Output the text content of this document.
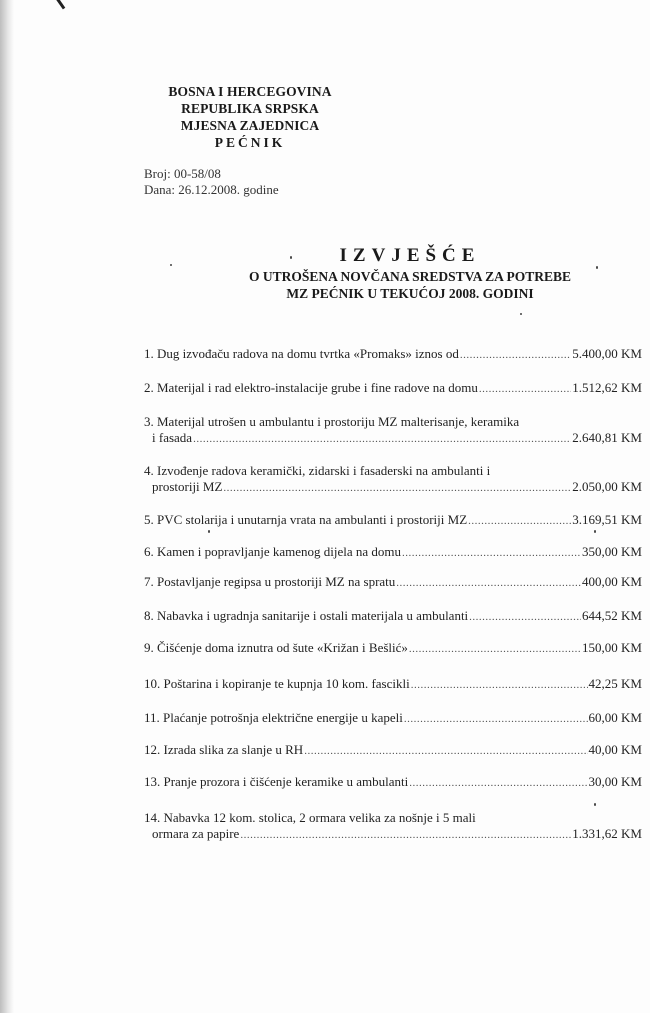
BOSNA I HERCEGOVINA
REPUBLIKA SRPSKA
MJESNA ZAJEDNICA
PEĆNIK
Broj: 00-58/08
Dana: 26.12.2008. godine
IZVJEŠĆE
O UTROŠENA NOVČANA SREDSTVA ZA POTREBE
MZ PEĆNIK U TEKUĆOJ 2008. GODINI
1.
Dug izvođaču radova na domu tvrtka «Promaks» iznos od .....	5.400,00 KM
2.
Materijal i rad elektro-instalacije grube i fine radove na domu .....	1.512,62 KM
3.
Materijal utrošen u ambulantu i prostoriju MZ malterisanje, keramika
i fasada .....	2.640,81 KM
4.
Izvođenje radova keramički, zidarski i fasaderski na ambulanti i
prostoriji MZ .....	2.050,00 KM
5.
PVC stolarija i unutarnja vrata na ambulanti i prostoriji MZ .....	3.169,51 KM
6.
Kamen i popravljanje kamenog dijela na domu .....	350,00 KM
7.
Postavljanje regipsa u prostoriji MZ na spratu .....	400,00 KM
8.
Nabavka i ugradnja sanitarije i ostali materijala u ambulanti .....	644,52 KM
9.
Čišćenje doma iznutra od šute «Križan i Bešlić» .....	150,00 KM
10.
Poštarina i kopiranje te kupnja 10 kom. fascikli .....	42,25 KM
11.
Plaćanje potrošnja električne energije u kapeli .....	60,00 KM
12.
Izrada slika za slanje u RH .....	40,00 KM
13.
Pranje prozora i čišćenje keramike u ambulanti .....	30,00 KM
14.
Nabavka 12 kom. stolica, 2 ormara velika za nošnje i 5 mali
ormara za papire .....	1.331,62 KM
